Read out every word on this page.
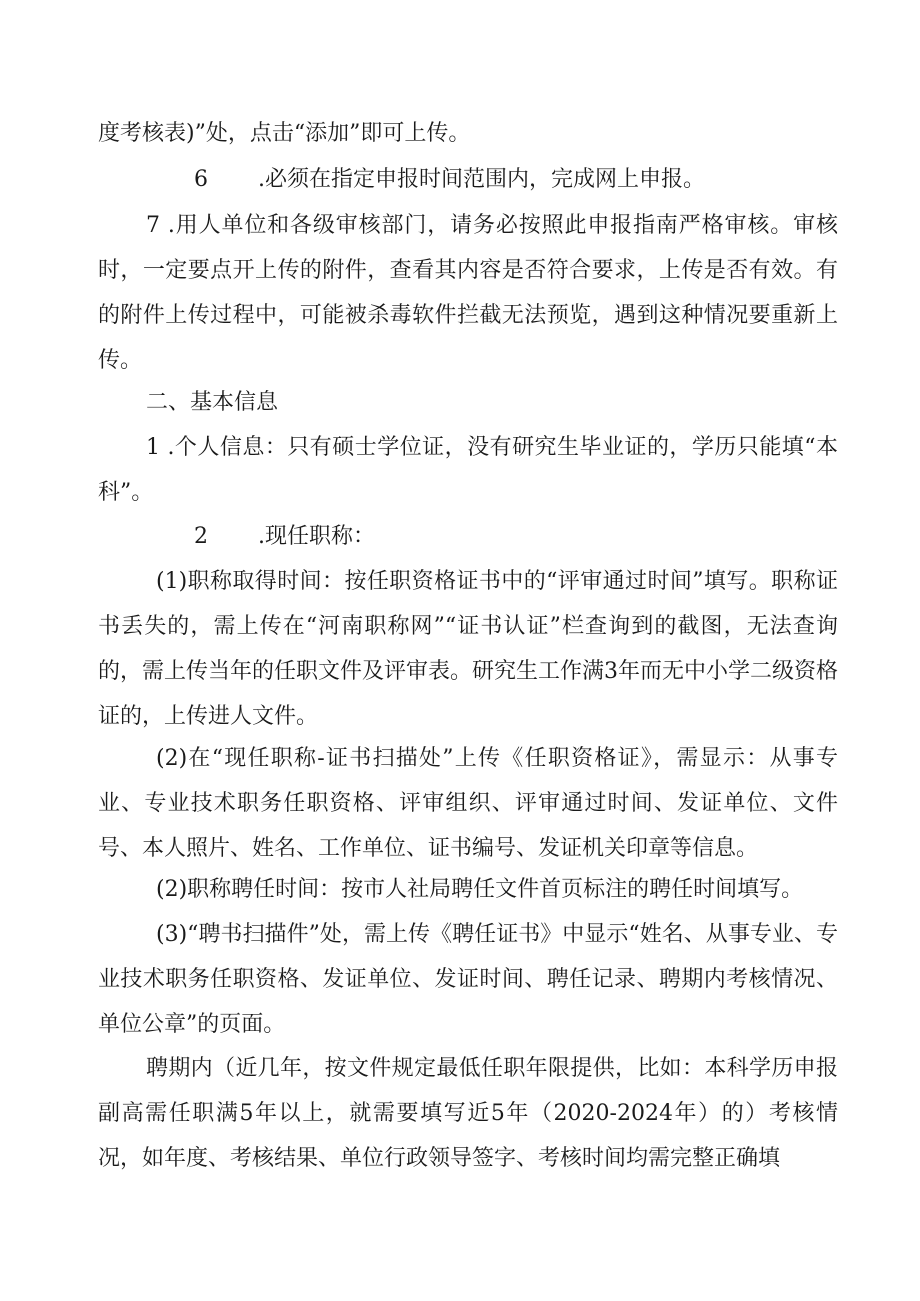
度考核表)”处，点击“添加”即可上传。

6 .必须在指定申报时间范围内，完成网上申报。

7 .用人单位和各级审核部门，请务必按照此申报指南严格审核。审核时，一定要点开上传的附件，查看其内容是否符合要求，上传是否有效。有的附件上传过程中，可能被杀毒软件拦截无法预览，遇到这种情况要重新上传。

二、基本信息

1 .个人信息：只有硕士学位证，没有研究生毕业证的，学历只能填“本科”。

2 .现任职称：

(1)职称取得时间：按任职资格证书中的“评审通过时间”填写。职称证书丢失的，需上传在“河南职称网”“证书认证”栏查询到的截图，无法查询的，需上传当年的任职文件及评审表。研究生工作满3年而无中小学二级资格证的，上传进人文件。

(2)在“现任职称-证书扫描处”上传《任职资格证》，需显示：从事专业、专业技术职务任职资格、评审组织、评审通过时间、发证单位、文件号、本人照片、姓名、工作单位、证书编号、发证机关印章等信息。

(2)职称聘任时间：按市人社局聘任文件首页标注的聘任时间填写。

(3)“聘书扫描件”处，需上传《聘任证书》中显示“姓名、从事专业、专业技术职务任职资格、发证单位、发证时间、聘任记录、聘期内考核情况、单位公章”的页面。

聘期内（近几年，按文件规定最低任职年限提供，比如：本科学历申报副高需任职满5年以上，就需要填写近5年（2020-2024年）的）考核情况，如年度、考核结果、单位行政领导签字、考核时间均需完整正确填
